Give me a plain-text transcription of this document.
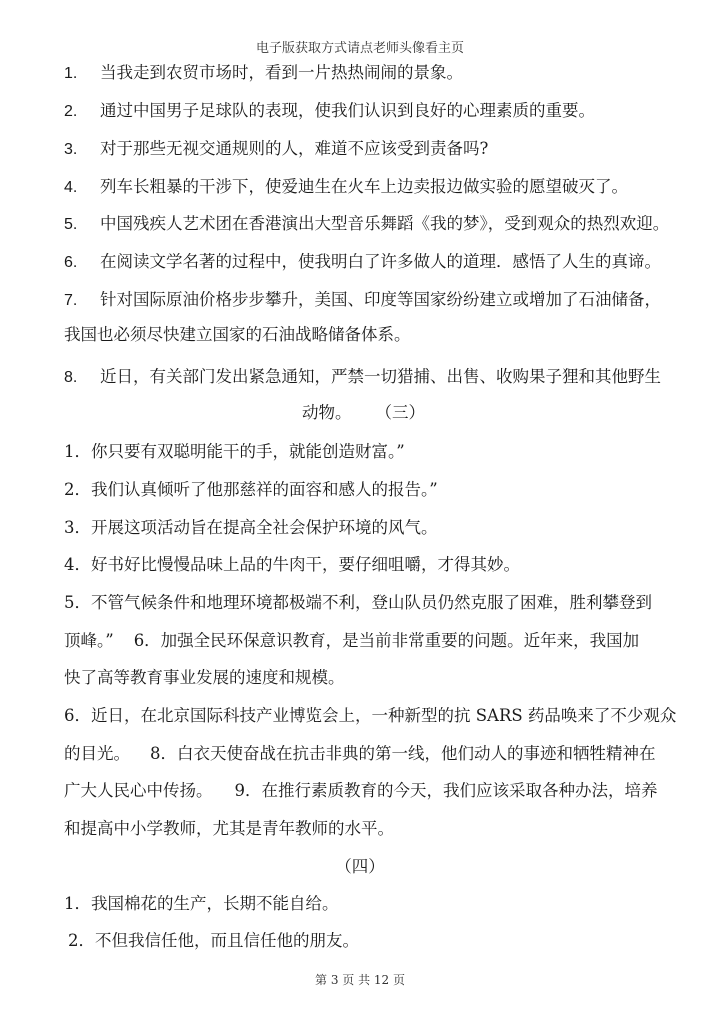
电子版获取方式请点老师头像看主页
1. 当我走到农贸市场时，看到一片热热闹闹的景象。
2. 通过中国男子足球队的表现，使我们认识到良好的心理素质的重要。
3. 对于那些无视交通规则的人，难道不应该受到责备吗?
4. 列车长粗暴的干涉下，使爱迪生在火车上边卖报边做实验的愿望破灭了。
5. 中国残疾人艺术团在香港演出大型音乐舞蹈《我的梦》，受到观众的热烈欢迎。
6. 在阅读文学名著的过程中，使我明白了许多做人的道理．感悟了人生的真谛。
7. 针对国际原油价格步步攀升，美国、印度等国家纷纷建立或增加了石油储备，
我国也必须尽快建立国家的石油战略储备体系。
8. 近日，有关部门发出紧急通知，严禁一切猎捕、出售、收购果子狸和其他野生
动物。 （三）
1．你只要有双聪明能干的手，就能创造财富。”
2．我们认真倾听了他那慈祥的面容和感人的报告。”
3．开展这项活动旨在提高全社会保护环境的风气。
4．好书好比慢慢品味上品的牛肉干，要仔细咀嚼，才得其妙。
5．不管气候条件和地理环境都极端不利，登山队员仍然克服了困难，胜利攀登到
顶峰。” 6．加强全民环保意识教育，是当前非常重要的问题。近年来，我国加
快了高等教育事业发展的速度和规模。
6．近日，在北京国际科技产业博览会上，一种新型的抗 SARS 药品唤来了不少观众
的目光。 8．白衣天使奋战在抗击非典的第一线，他们动人的事迹和牺牲精神在
广大人民心中传扬。 9．在推行素质教育的今天，我们应该采取各种办法，培养
和提高中小学教师，尤其是青年教师的水平。
（四）
1．我国棉花的生产，长期不能自给。
2．不但我信任他，而且信任他的朋友。
第 3 页 共 12 页
